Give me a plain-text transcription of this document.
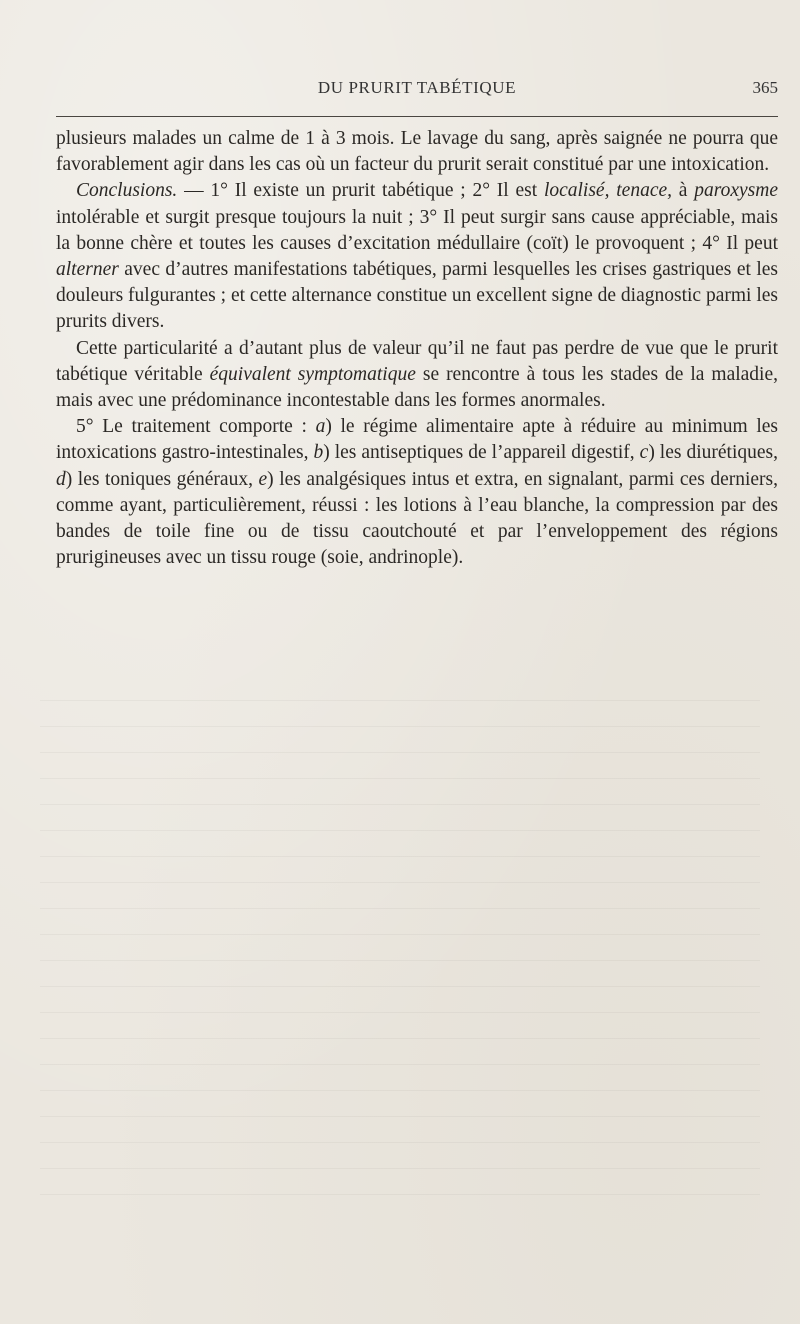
DU PRURIT TABÉTIQUE	365

plusieurs malades un calme de 1 à 3 mois. Le lavage du sang, après saignée ne pourra que favorablement agir dans les cas où un facteur du prurit serait constitué par une intoxication.

Conclusions. — 1° Il existe un prurit tabétique ; 2° Il est localisé, tenace, à paroxysme intolérable et surgit presque toujours la nuit ; 3° Il peut surgir sans cause appréciable, mais la bonne chère et toutes les causes d’excitation médullaire (coït) le provoquent ; 4° Il peut alterner avec d’autres manifestations tabétiques, parmi lesquelles les crises gastriques et les douleurs fulgurantes ; et cette alternance constitue un excellent signe de diagnostic parmi les prurits divers.

Cette particularité a d’autant plus de valeur qu’il ne faut pas perdre de vue que le prurit tabétique véritable équivalent symptomatique se rencontre à tous les stades de la maladie, mais avec une prédominance incontestable dans les formes anormales.

5° Le traitement comporte : a) le régime alimentaire apte à réduire au minimum les intoxications gastro-intestinales, b) les antiseptiques de l’appareil digestif, c) les diurétiques, d) les toniques généraux, e) les analgésiques intus et extra, en signalant, parmi ces derniers, comme ayant, particulièrement, réussi : les lotions à l’eau blanche, la compression par des bandes de toile fine ou de tissu caoutchouté et par l’enveloppement des régions prurigineuses avec un tissu rouge (soie, andrinople).
